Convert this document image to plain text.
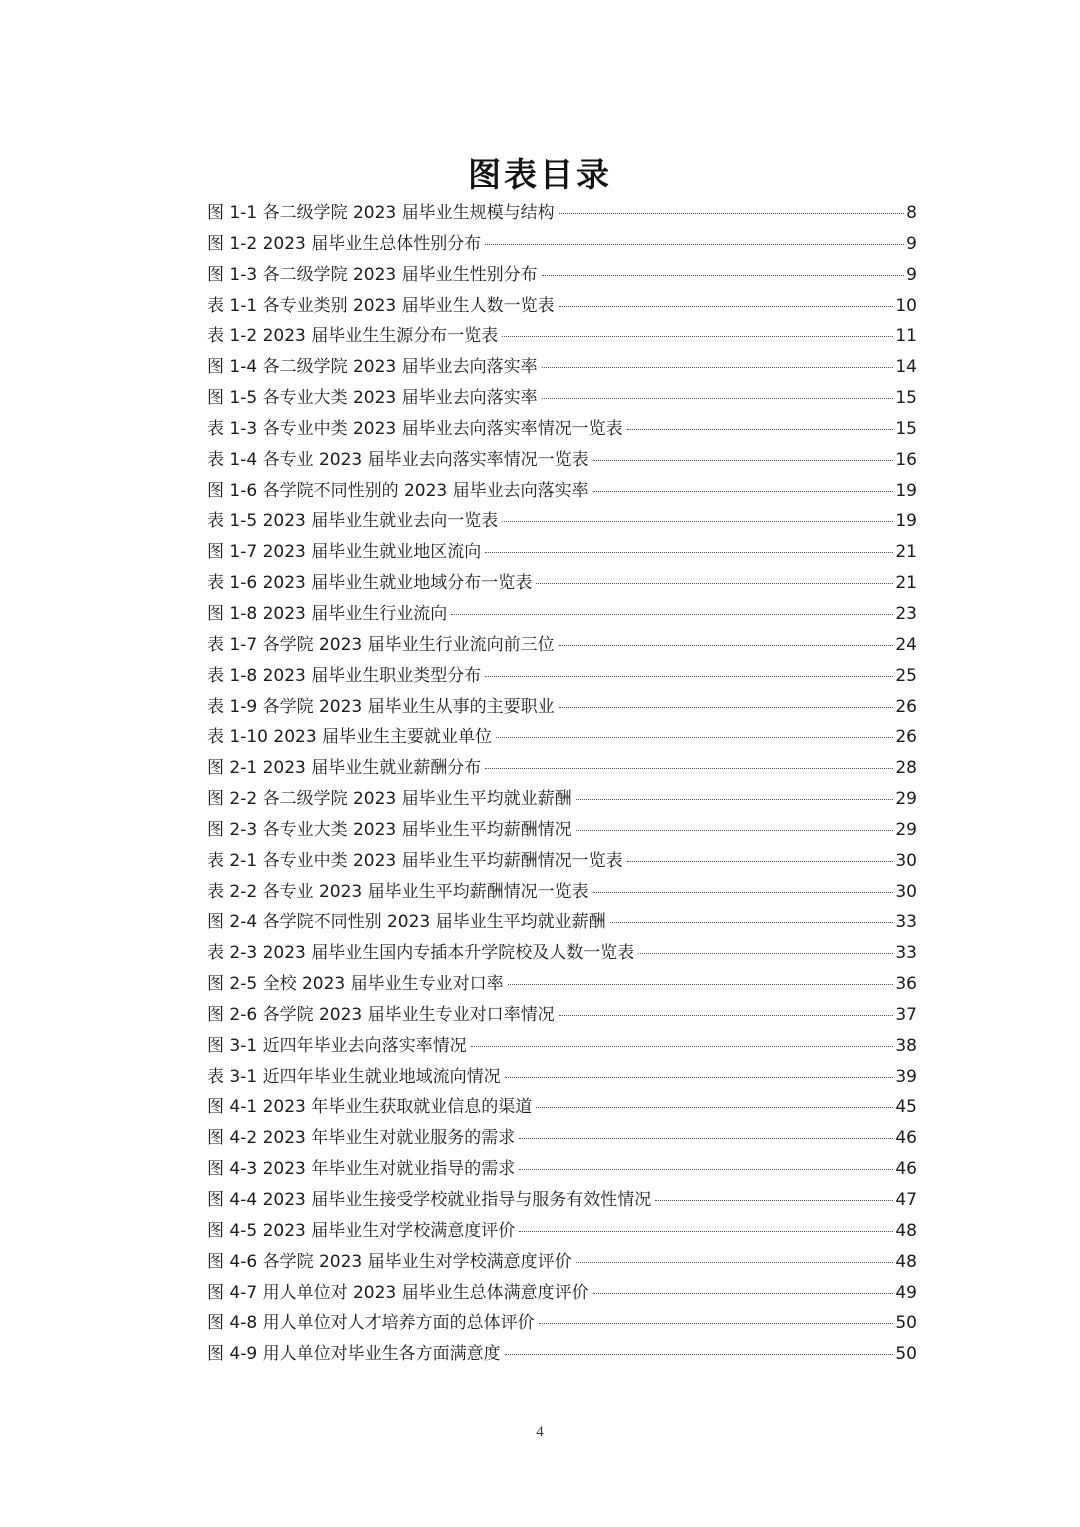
图表目录
图 1-1 各二级学院 2023 届毕业生规模与结构	8
图 1-2 2023 届毕业生总体性别分布	9
图 1-3 各二级学院 2023 届毕业生性别分布	9
表 1-1 各专业类别 2023 届毕业生人数一览表	10
表 1-2 2023 届毕业生生源分布一览表	11
图 1-4 各二级学院 2023 届毕业去向落实率	14
图 1-5 各专业大类 2023 届毕业去向落实率	15
表 1-3 各专业中类 2023 届毕业去向落实率情况一览表	15
表 1-4 各专业 2023 届毕业去向落实率情况一览表	16
图 1-6 各学院不同性别的 2023 届毕业去向落实率	19
表 1-5 2023 届毕业生就业去向一览表	19
图 1-7 2023 届毕业生就业地区流向	21
表 1-6 2023 届毕业生就业地域分布一览表	21
图 1-8 2023 届毕业生行业流向	23
表 1-7 各学院 2023 届毕业生行业流向前三位	24
表 1-8 2023 届毕业生职业类型分布	25
表 1-9 各学院 2023 届毕业生从事的主要职业	26
表 1-10 2023 届毕业生主要就业单位	26
图 2-1 2023 届毕业生就业薪酬分布	28
图 2-2 各二级学院 2023 届毕业生平均就业薪酬	29
图 2-3 各专业大类 2023 届毕业生平均薪酬情况	29
表 2-1 各专业中类 2023 届毕业生平均薪酬情况一览表	30
表 2-2 各专业 2023 届毕业生平均薪酬情况一览表	30
图 2-4 各学院不同性别 2023 届毕业生平均就业薪酬	33
表 2-3 2023 届毕业生国内专插本升学院校及人数一览表	33
图 2-5 全校 2023 届毕业生专业对口率	36
图 2-6 各学院 2023 届毕业生专业对口率情况	37
图 3-1 近四年毕业去向落实率情况	38
表 3-1 近四年毕业生就业地域流向情况	39
图 4-1 2023 年毕业生获取就业信息的渠道	45
图 4-2 2023 年毕业生对就业服务的需求	46
图 4-3 2023 年毕业生对就业指导的需求	46
图 4-4 2023 届毕业生接受学校就业指导与服务有效性情况	47
图 4-5 2023 届毕业生对学校满意度评价	48
图 4-6 各学院 2023 届毕业生对学校满意度评价	48
图 4-7 用人单位对 2023 届毕业生总体满意度评价	49
图 4-8 用人单位对人才培养方面的总体评价	50
图 4-9 用人单位对毕业生各方面满意度	50
4
